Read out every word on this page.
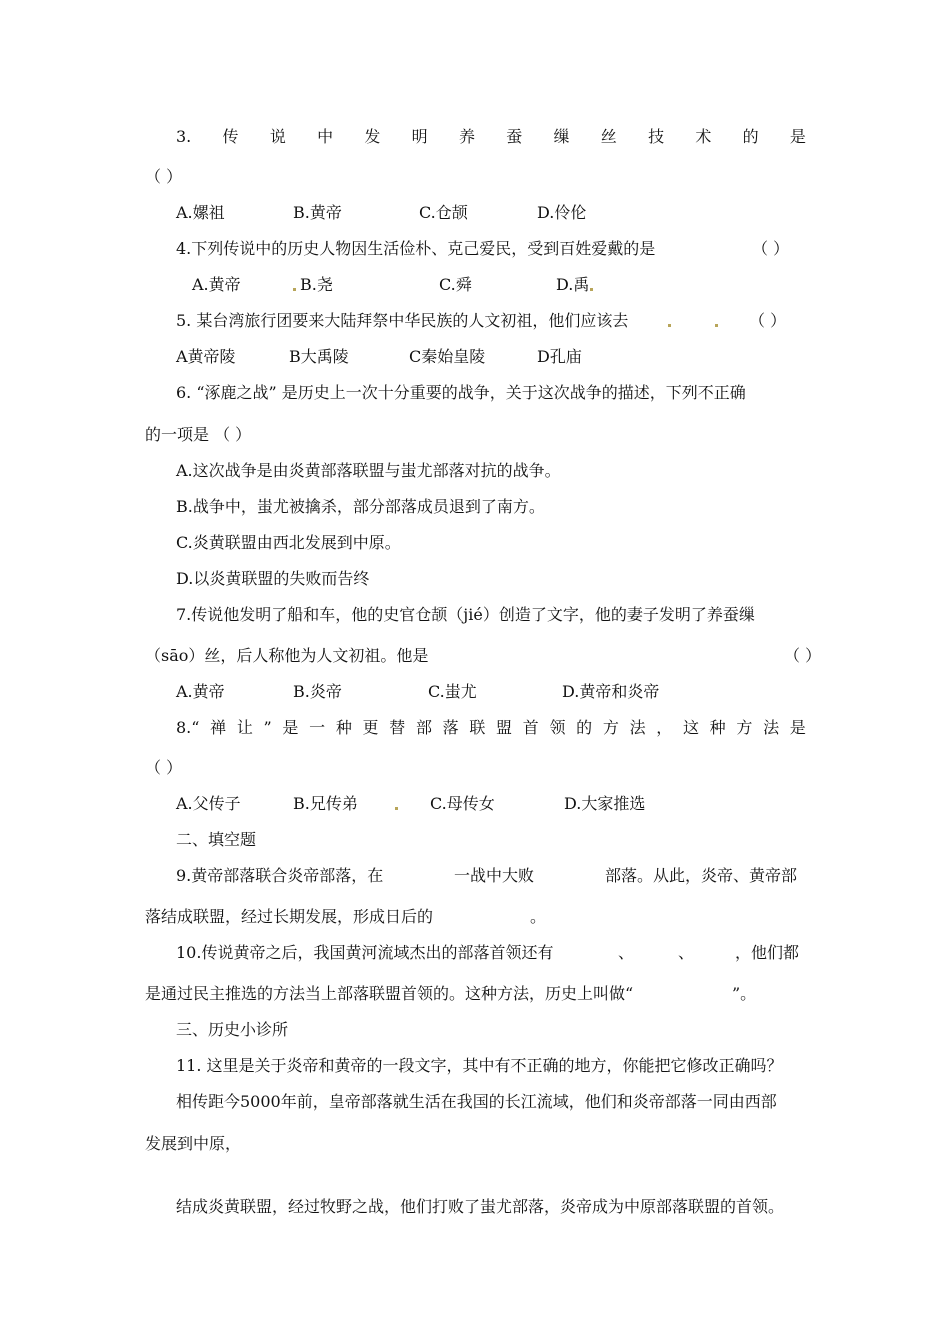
3. 传 说 中 发 明 养 蚕 缫 丝 技 术 的 是
（ ）
A.嫘祖	B.黄帝	C.仓颉	D.伶伦
4.下列传说中的历史人物因生活俭朴、克己爱民，受到百姓爱戴的是	（ ）
A.黄帝	B.尧	C.舜	D.禹
5. 某台湾旅行团要来大陆拜祭中华民族的人文初祖，他们应该去	（ ）
A黄帝陵	B大禹陵	C秦始皇陵	D孔庙
6. “涿鹿之战” 是历史上一次十分重要的战争，关于这次战争的描述，下列不正确
的一项是 （ ）
A.这次战争是由炎黄部落联盟与蚩尤部落对抗的战争。
B.战争中，蚩尤被擒杀，部分部落成员退到了南方。
C.炎黄联盟由西北发展到中原。
D.以炎黄联盟的失败而告终
7.传说他发明了船和车，他的史官仓颉（jié）创造了文字，他的妻子发明了养蚕缫
（sāo）丝，后人称他为人文初祖。他是	（ ）
A.黄帝	B.炎帝	C.蚩尤	D.黄帝和炎帝
8.“ 禅 让 ” 是 一 种 更 替 部 落 联 盟 首 领 的 方 法 ， 这 种 方 法 是
（ ）
A.父传子	B.兄传弟	C.母传女	D.大家推选
二、填空题
9.黄帝部落联合炎帝部落，在	一战中大败	部落。从此，炎帝、黄帝部
落结成联盟，经过长期发展，形成日后的	。
10.传说黄帝之后，我国黄河流域杰出的部落首领还有	、	、	，他们都
是通过民主推选的方法当上部落联盟首领的。这种方法，历史上叫做“	”。
三、历史小诊所
11. 这里是关于炎帝和黄帝的一段文字，其中有不正确的地方，你能把它修改正确吗？
相传距今5000年前，皇帝部落就生活在我国的长江流域，他们和炎帝部落一同由西部
发展到中原，
结成炎黄联盟，经过牧野之战，他们打败了蚩尤部落，炎帝成为中原部落联盟的首领。
